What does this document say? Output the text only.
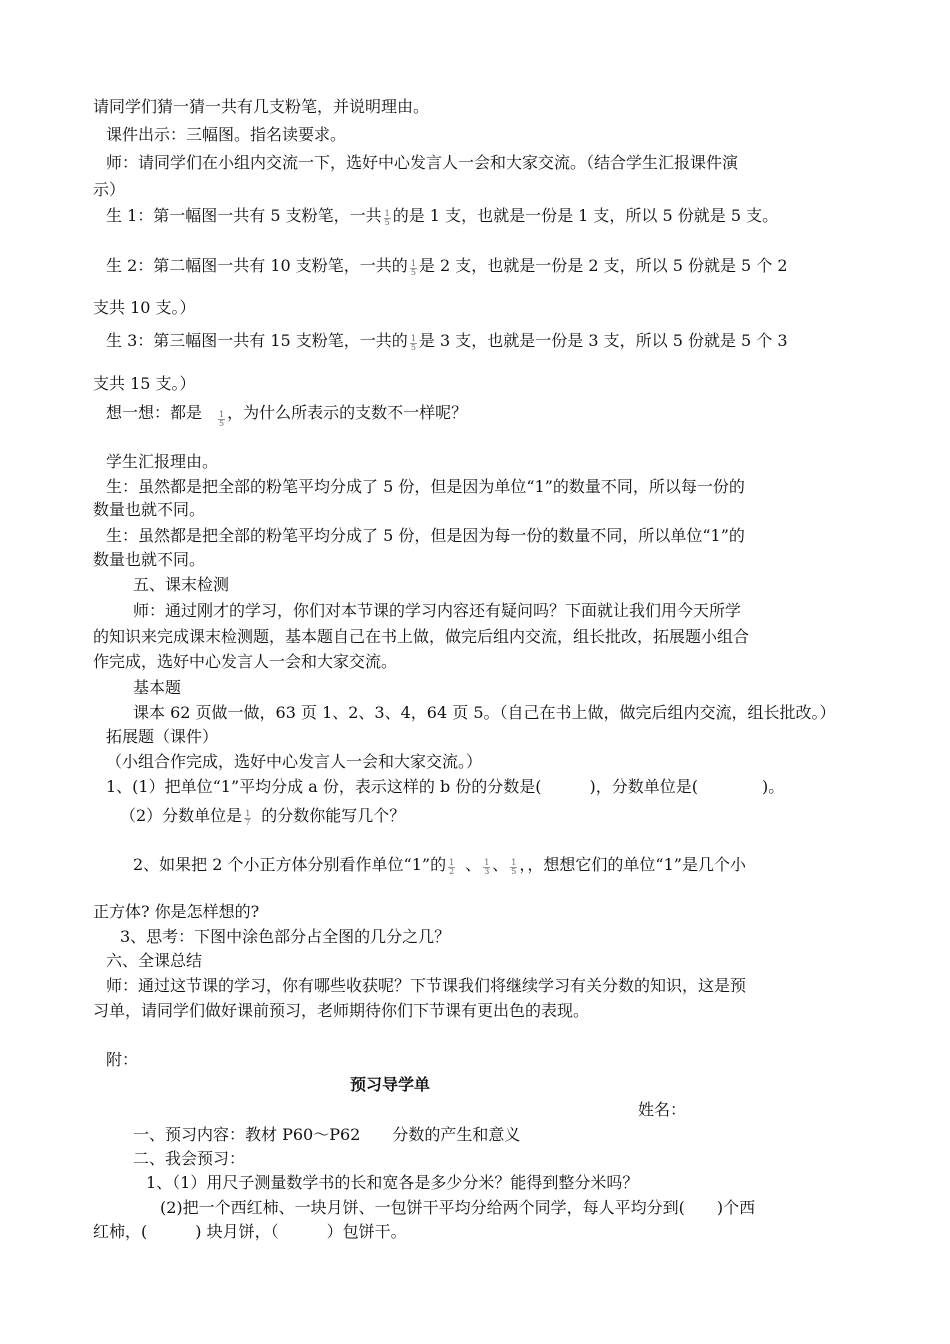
请同学们猜一猜一共有几支粉笔，并说明理由。
课件出示：三幅图。指名读要求。
师：请同学们在小组内交流一下，选好中心发言人一会和大家交流。（结合学生汇报课件演
示）
生 1：第一幅图一共有 5 支粉笔，一共 $\frac{1}{5}$ 的是 1 支，也就是一份是 1 支，所以 5 份就是 5 支。
生 2：第二幅图一共有 10 支粉笔，一共的 $\frac{1}{5}$ 是 2 支，也就是一份是 2 支，所以 5 份就是 5 个 2
支共 10 支。）
生 3：第三幅图一共有 15 支粉笔，一共的 $\frac{1}{5}$ 是 3 支，也就是一份是 3 支，所以 5 份就是 5 个 3
支共 15 支。）
想一想：都是 $\frac{1}{5}$ ，为什么所表示的支数不一样呢？
学生汇报理由。
生：虽然都是把全部的粉笔平均分成了 5 份，但是因为单位“1”的数量不同，所以每一份的
数量也就不同。
生：虽然都是把全部的粉笔平均分成了 5 份，但是因为每一份的数量不同，所以单位“1”的
数量也就不同。
五、课末检测
师：通过刚才的学习，你们对本节课的学习内容还有疑问吗？下面就让我们用今天所学
的知识来完成课末检测题，基本题自己在书上做，做完后组内交流，组长批改，拓展题小组合
作完成，选好中心发言人一会和大家交流。
基本题
课本 62 页做一做，63 页 1、2、3、4，64 页 5。（自己在书上做，做完后组内交流，组长批改。）
拓展题（课件）
（小组合作完成，选好中心发言人一会和大家交流。）
1、(1）把单位“1”平均分成 a 份，表示这样的 b 份的分数是(　　　)，分数单位是(　　　　)。
（2）分数单位是 $\frac{1}{7}$ 的分数你能写几个？
2、如果把 2 个小正方体分别看作单位“1”的 $\frac{1}{2}$ 、 $\frac{1}{3}$ 、 $\frac{1}{5}$ ，，想想它们的单位“1”是几个小
正方体? 你是怎样想的?
3、思考：下图中涂色部分占全图的几分之几？
六、全课总结
师：通过这节课的学习，你有哪些收获呢？下节课我们将继续学习有关分数的知识，这是预
习单，请同学们做好课前预习，老师期待你们下节课有更出色的表现。
附：
预习导学单
姓名：
一、预习内容：教材 P60～P62　　分数的产生和意义
二、我会预习：
1、（1）用尺子测量数学书的长和宽各是多少分米？能得到整分米吗？
(2)把一个西红柿、一块月饼、一包饼干平均分给两个同学，每人平均分到(　　)个西
红柿，(　　　) 块月饼，（　　　）包饼干。
